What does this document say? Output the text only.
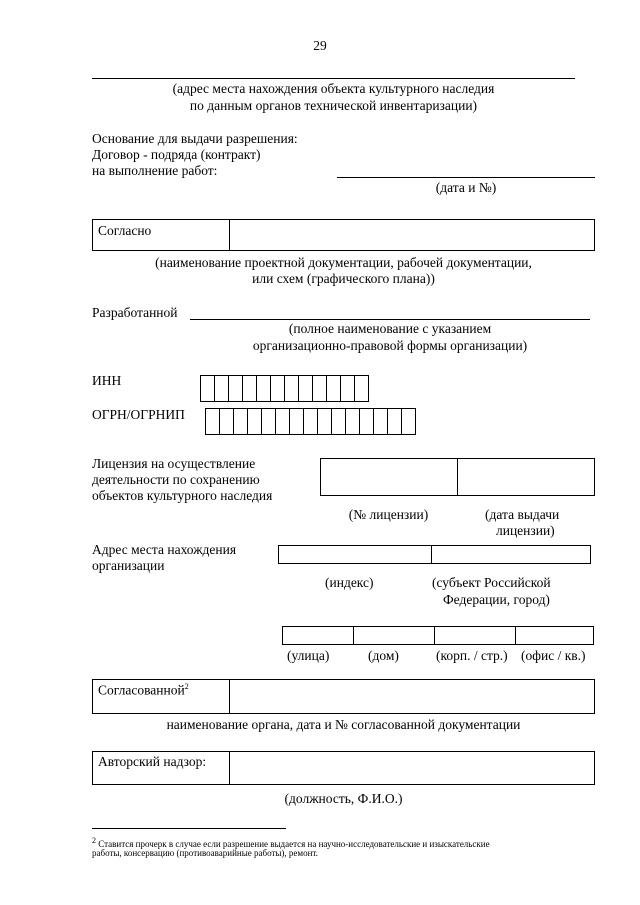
29
(адрес места нахождения объекта культурного наследия
по данным органов технической инвентаризации)
Основание для выдачи разрешения:
Договор - подряда (контракт)
на выполнение работ:
(дата и №)
Согласно
(наименование проектной документации, рабочей документации,
или схем (графического плана))
Разработанной
(полное наименование с указанием
организационно-правовой формы организации)
ИНН
ОГРН/ОГРНИП
Лицензия на осуществление
деятельности по сохранению
объектов культурного наследия
(№ лицензии)	(дата выдачи
лицензии)
Адрес места нахождения
организации
(индекс)	(субъект Российской
Федерации, город)
(улица)	(дом)	(корп. / стр.) (офис / кв.)
Согласованной$^2$
наименование органа, дата и № согласованной документации
Авторский надзор:
(должность, Ф.И.О.)
$^2$ Ставится прочерк в случае если разрешение выдается на научно-исследовательские и изыскательские
работы, консервацию (противоаварийные работы), ремонт.
